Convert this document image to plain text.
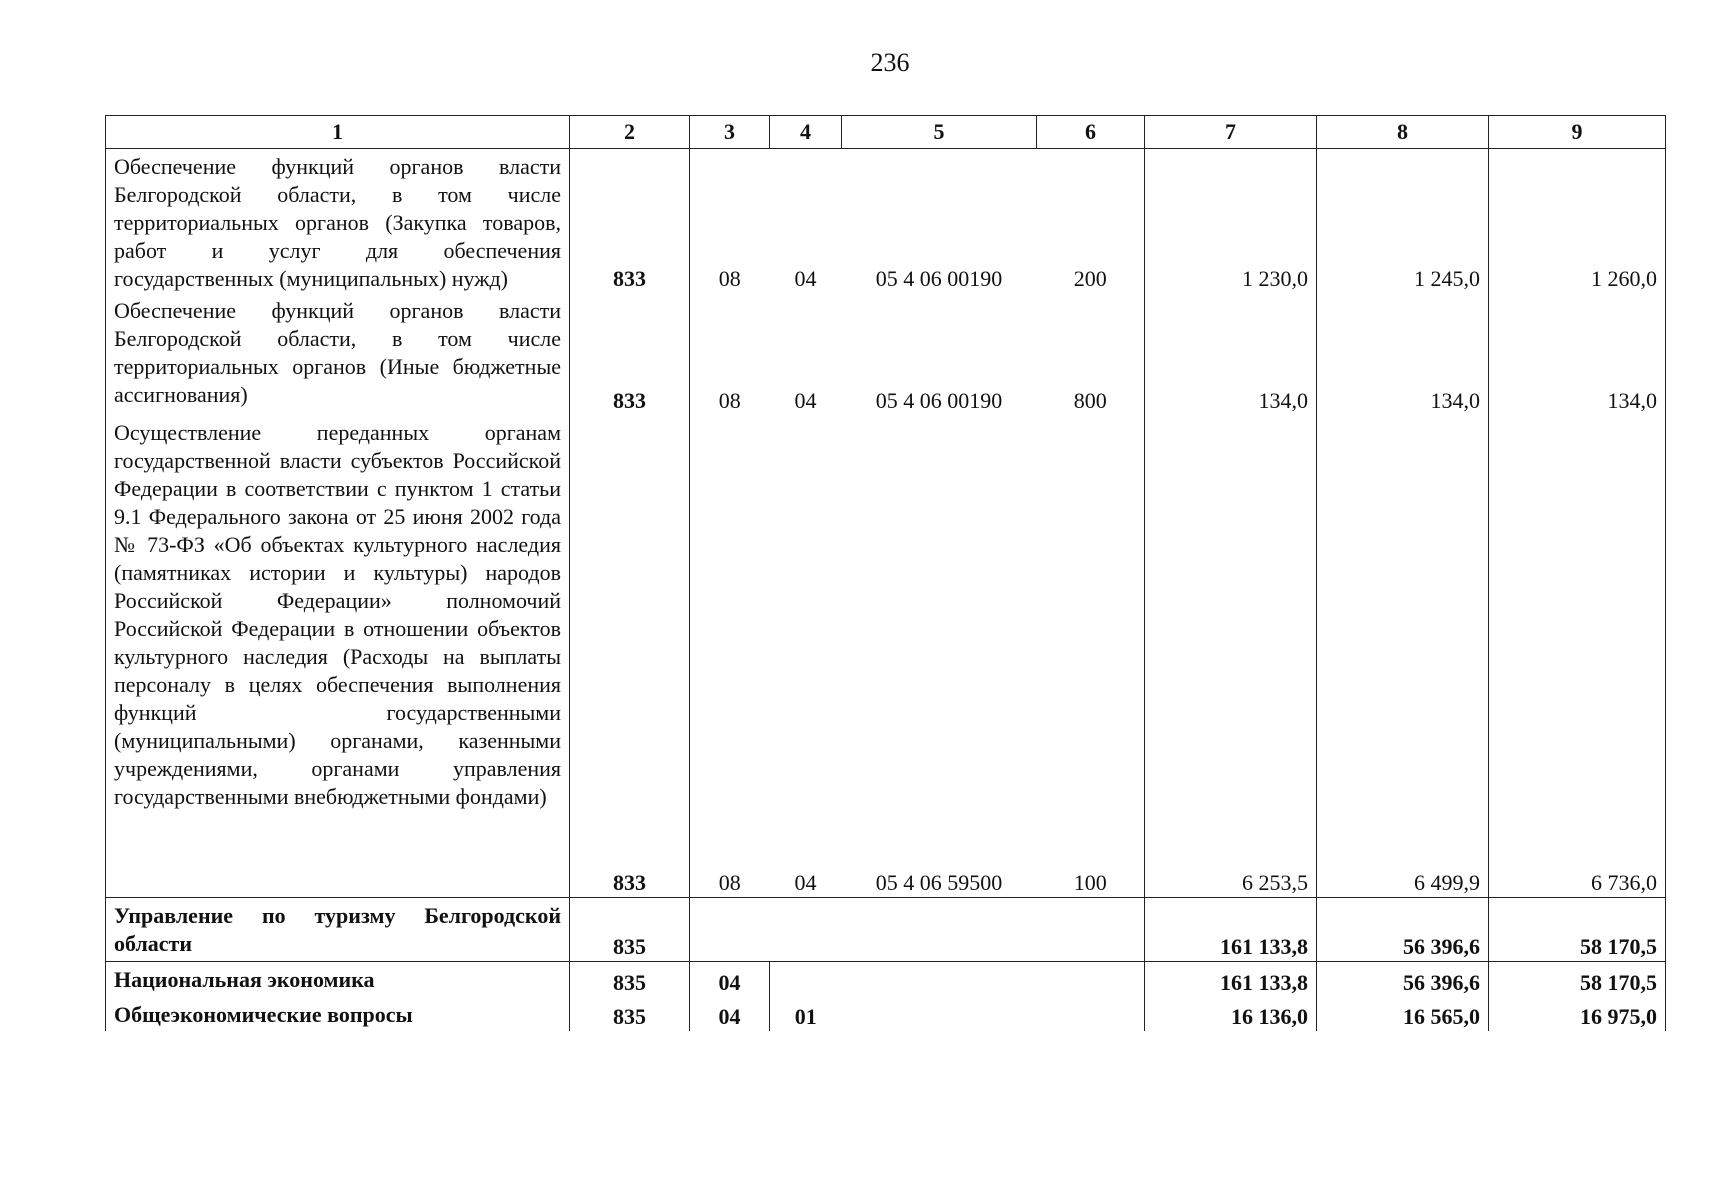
236
1	2	3	4	5	6	7	8	9
Обеспечение функций органов власти Белгородской области, в том числе территориальных органов (Закупка товаров, работ и услуг для обеспечения государственных (муниципальных) нужд)	833	08	04	05 4 06 00190	200	1 230,0	1 245,0	1 260,0
Обеспечение функций органов власти Белгородской области, в том числе территориальных органов (Иные бюджетные ассигнования)	833	08	04	05 4 06 00190	800	134,0	134,0	134,0
Осуществление переданных органам государственной власти субъектов Российской Федерации в соответствии с пунктом 1 статьи 9.1 Федерального закона от 25 июня 2002 года № 73-ФЗ «Об объектах культурного наследия (памятниках истории и культуры) народов Российской Федерации» полномочий Российской Федерации в отношении объектов культурного наследия (Расходы на выплаты персоналу в целях обеспечения выполнения функций государственными (муниципальными) органами, казенными учреждениями, органами управления государственными внебюджетными фондами)	833	08	04	05 4 06 59500	100	6 253,5	6 499,9	6 736,0
Управление по туризму Белгородской области	835					161 133,8	56 396,6	58 170,5
Национальная экономика	835	04				161 133,8	56 396,6	58 170,5
Общеэкономические вопросы	835	04	01			16 136,0	16 565,0	16 975,0
